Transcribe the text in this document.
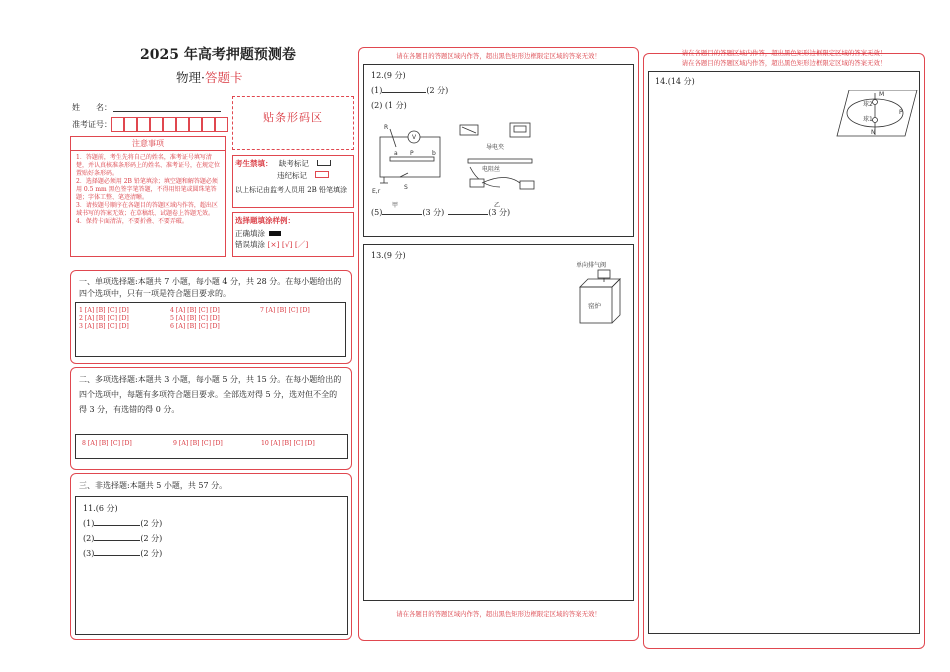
2025 年高考押题预测卷
物理·答题卡
姓　　名：
准考证号：
贴条形码区
注意事项
1．答题前，考生先将自己的姓名，准考证号填写清楚，并认真核准条形码上的姓名、准考证号，在规定位置贴好条形码。
2．选择题必须用 2B 铅笔填涂；填空题和解答题必须用 0.5 mm 黑色签字笔答题，不得用铅笔或圆珠笔答题；字体工整、笔迹清晰。
3．请按题号顺序在各题目的答题区域内作答，超出区域书写的答案无效；在草稿纸、试题卷上答题无效。
4．保持卡面清洁，不要折叠、不要弄破。
考生禁填： 缺考标记
违纪标记
以上标记由监考人员用 2B 铅笔填涂
选择题填涂样例：
正确填涂
错误填涂 [×] [√] [／]
一、单项选择题:本题共 7 小题，每小题 4 分，共 28 分。在每小题给出的四个选项中，只有一项是符合题目要求的。
1 [A] [B] [C] [D]
2 [A] [B] [C] [D]
3 [A] [B] [C] [D]
4 [A] [B] [C] [D]
5 [A] [B] [C] [D]
6 [A] [B] [C] [D]
7 [A] [B] [C] [D]
二、多项选择题:本题共 3 小题，每小题 5 分，共 15 分。在每小题给出的四个选项中，每题有多项符合题目要求。全部选对得 5 分，选对但不全的得 3 分，有选错的得 0 分。
8 [A] [B] [C] [D]	9 [A] [B] [C] [D]	10 [A] [B] [C] [D]
三、非选择题:本题共 5 小题，共 57 分。
11.(6 分)
(1)	(2 分)
(2)	(2 分)
(3)	(2 分)
请在各题目的答题区域内作答，超出黑色矩形边框限定区域的答案无效！
12.(9 分)
(1)	(2 分)
(2) (1 分)
V
R
P
a	b
E,r
S
甲	乙
导电夹
电阻丝
(5)	(3 分)	(3 分)
13.(9 分)
单向排气阀
窑炉
请在各题目的答题区域内作答，超出黑色矩形边框限定区域的答案无效！
请在各题目的答题区域内作答，超出黑色矩形边框限定区域的答案无效！
14.(14 分)
M
N
球2
球1
P
请在各题目的答题区域内作答，超出黑色矩形边框限定区域的答案无效！
